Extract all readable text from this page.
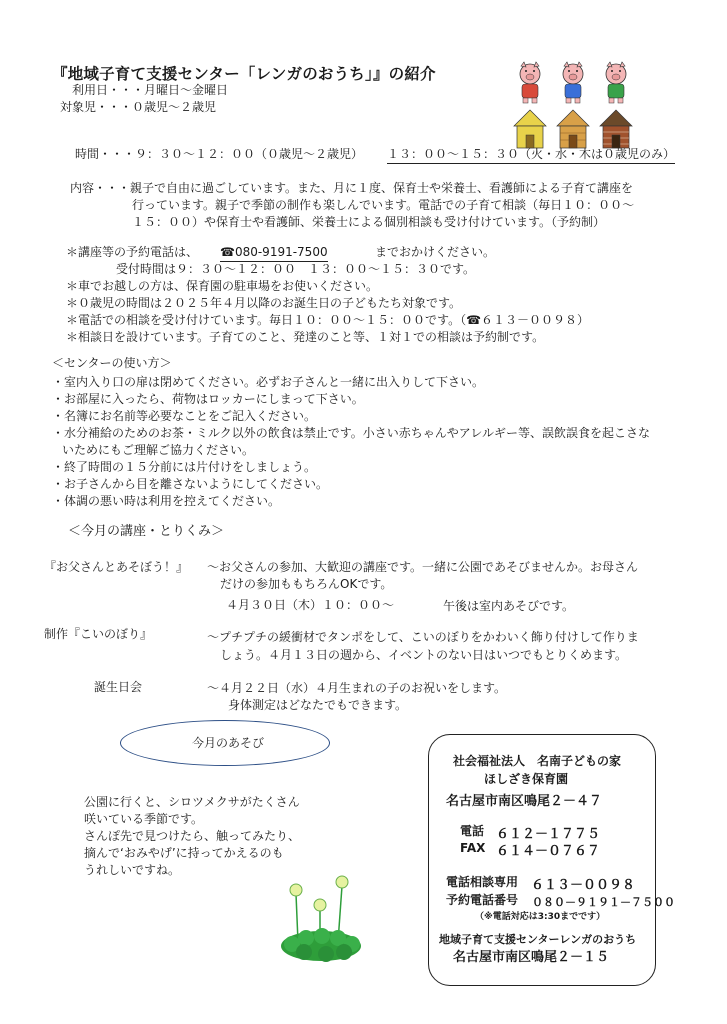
『地域子育て支援センター「レンガのおうち」』の紹介
利用日・・・月曜日～金曜日
対象児・・・０歳児～２歳児
時間・・・９：３０～１２：００（０歳児～２歳児） １３：００～１５：３０（火・水・木は０歳児のみ）
内容・・・親子で自由に過ごしています。また、月に１度、保育士や栄養士、看護師による子育て講座を
行っています。親子で季節の制作も楽しんでいます。電話での子育て相談（毎日１０：００～
１５：００）や保育士や看護師、栄養士による個別相談も受け付けています。（予約制）
＊講座等の予約電話は、 ☎080-9191-7500	までおかけください。
受付時間は９：３０～１２：００　１３：００～１５：３０です。
＊車でお越しの方は、保育園の駐車場をお使いください。
＊０歳児の時間は２０２５年４月以降のお誕生日の子どもたち対象です。
＊電話での相談を受け付けています。毎日１０：００～１５：００です。（☎６１３－００９８）
＊相談日を設けています。子育てのこと、発達のこと等、１対１での相談は予約制です。
＜センターの使い方＞
・室内入り口の扉は閉めてください。必ずお子さんと一緒に出入りして下さい。
・お部屋に入ったら、荷物はロッカーにしまって下さい。
・名簿にお名前等必要なことをご記入ください。
・水分補給のためのお茶・ミルク以外の飲食は禁止です。小さい赤ちゃんやアレルギー等、誤飲誤食を起こさな
いためにもご理解ご協力ください。
・終了時間の１５分前には片付けをしましょう。
・お子さんから目を離さないようにしてください。
・体調の悪い時は利用を控えてください。
＜今月の講座・とりくみ＞
『お父さんとあそぼう！』 ～お父さんの参加、大歓迎の講座です。一緒に公園であそびませんか。お母さん
だけの参加ももちろんOKです。
４月３０日（木）１０：００～	午後は室内あそびです。
制作『こいのぼり』	～プチプチの緩衝材でタンポをして、こいのぼりをかわいく飾り付けして作りま
しょう。４月１３日の週から、イベントのない日はいつでもとりくめます。
誕生日会	～４月２２日（水）４月生まれの子のお祝いをします。
身体測定はどなたでもできます。
今月のあそび
公園に行くと、シロツメクサがたくさん
咲いている季節です。
さんぽ先で見つけたら、触ってみたり、
摘んで‘おみやげ’に持ってかえるのも
うれしいですね。
社会福祉法人　名南子どもの家
ほしざき保育園
名古屋市南区鳴尾２－４７
電話 ６１２－１７７５
FAX ６１４－０７６７
電話相談専用 ６１３－００９８
予約電話番号 ０８０－９１９１－７５００
（※電話対応は3:30までです）
地域子育て支援センターレンガのおうち
名古屋市南区鳴尾２－１５
